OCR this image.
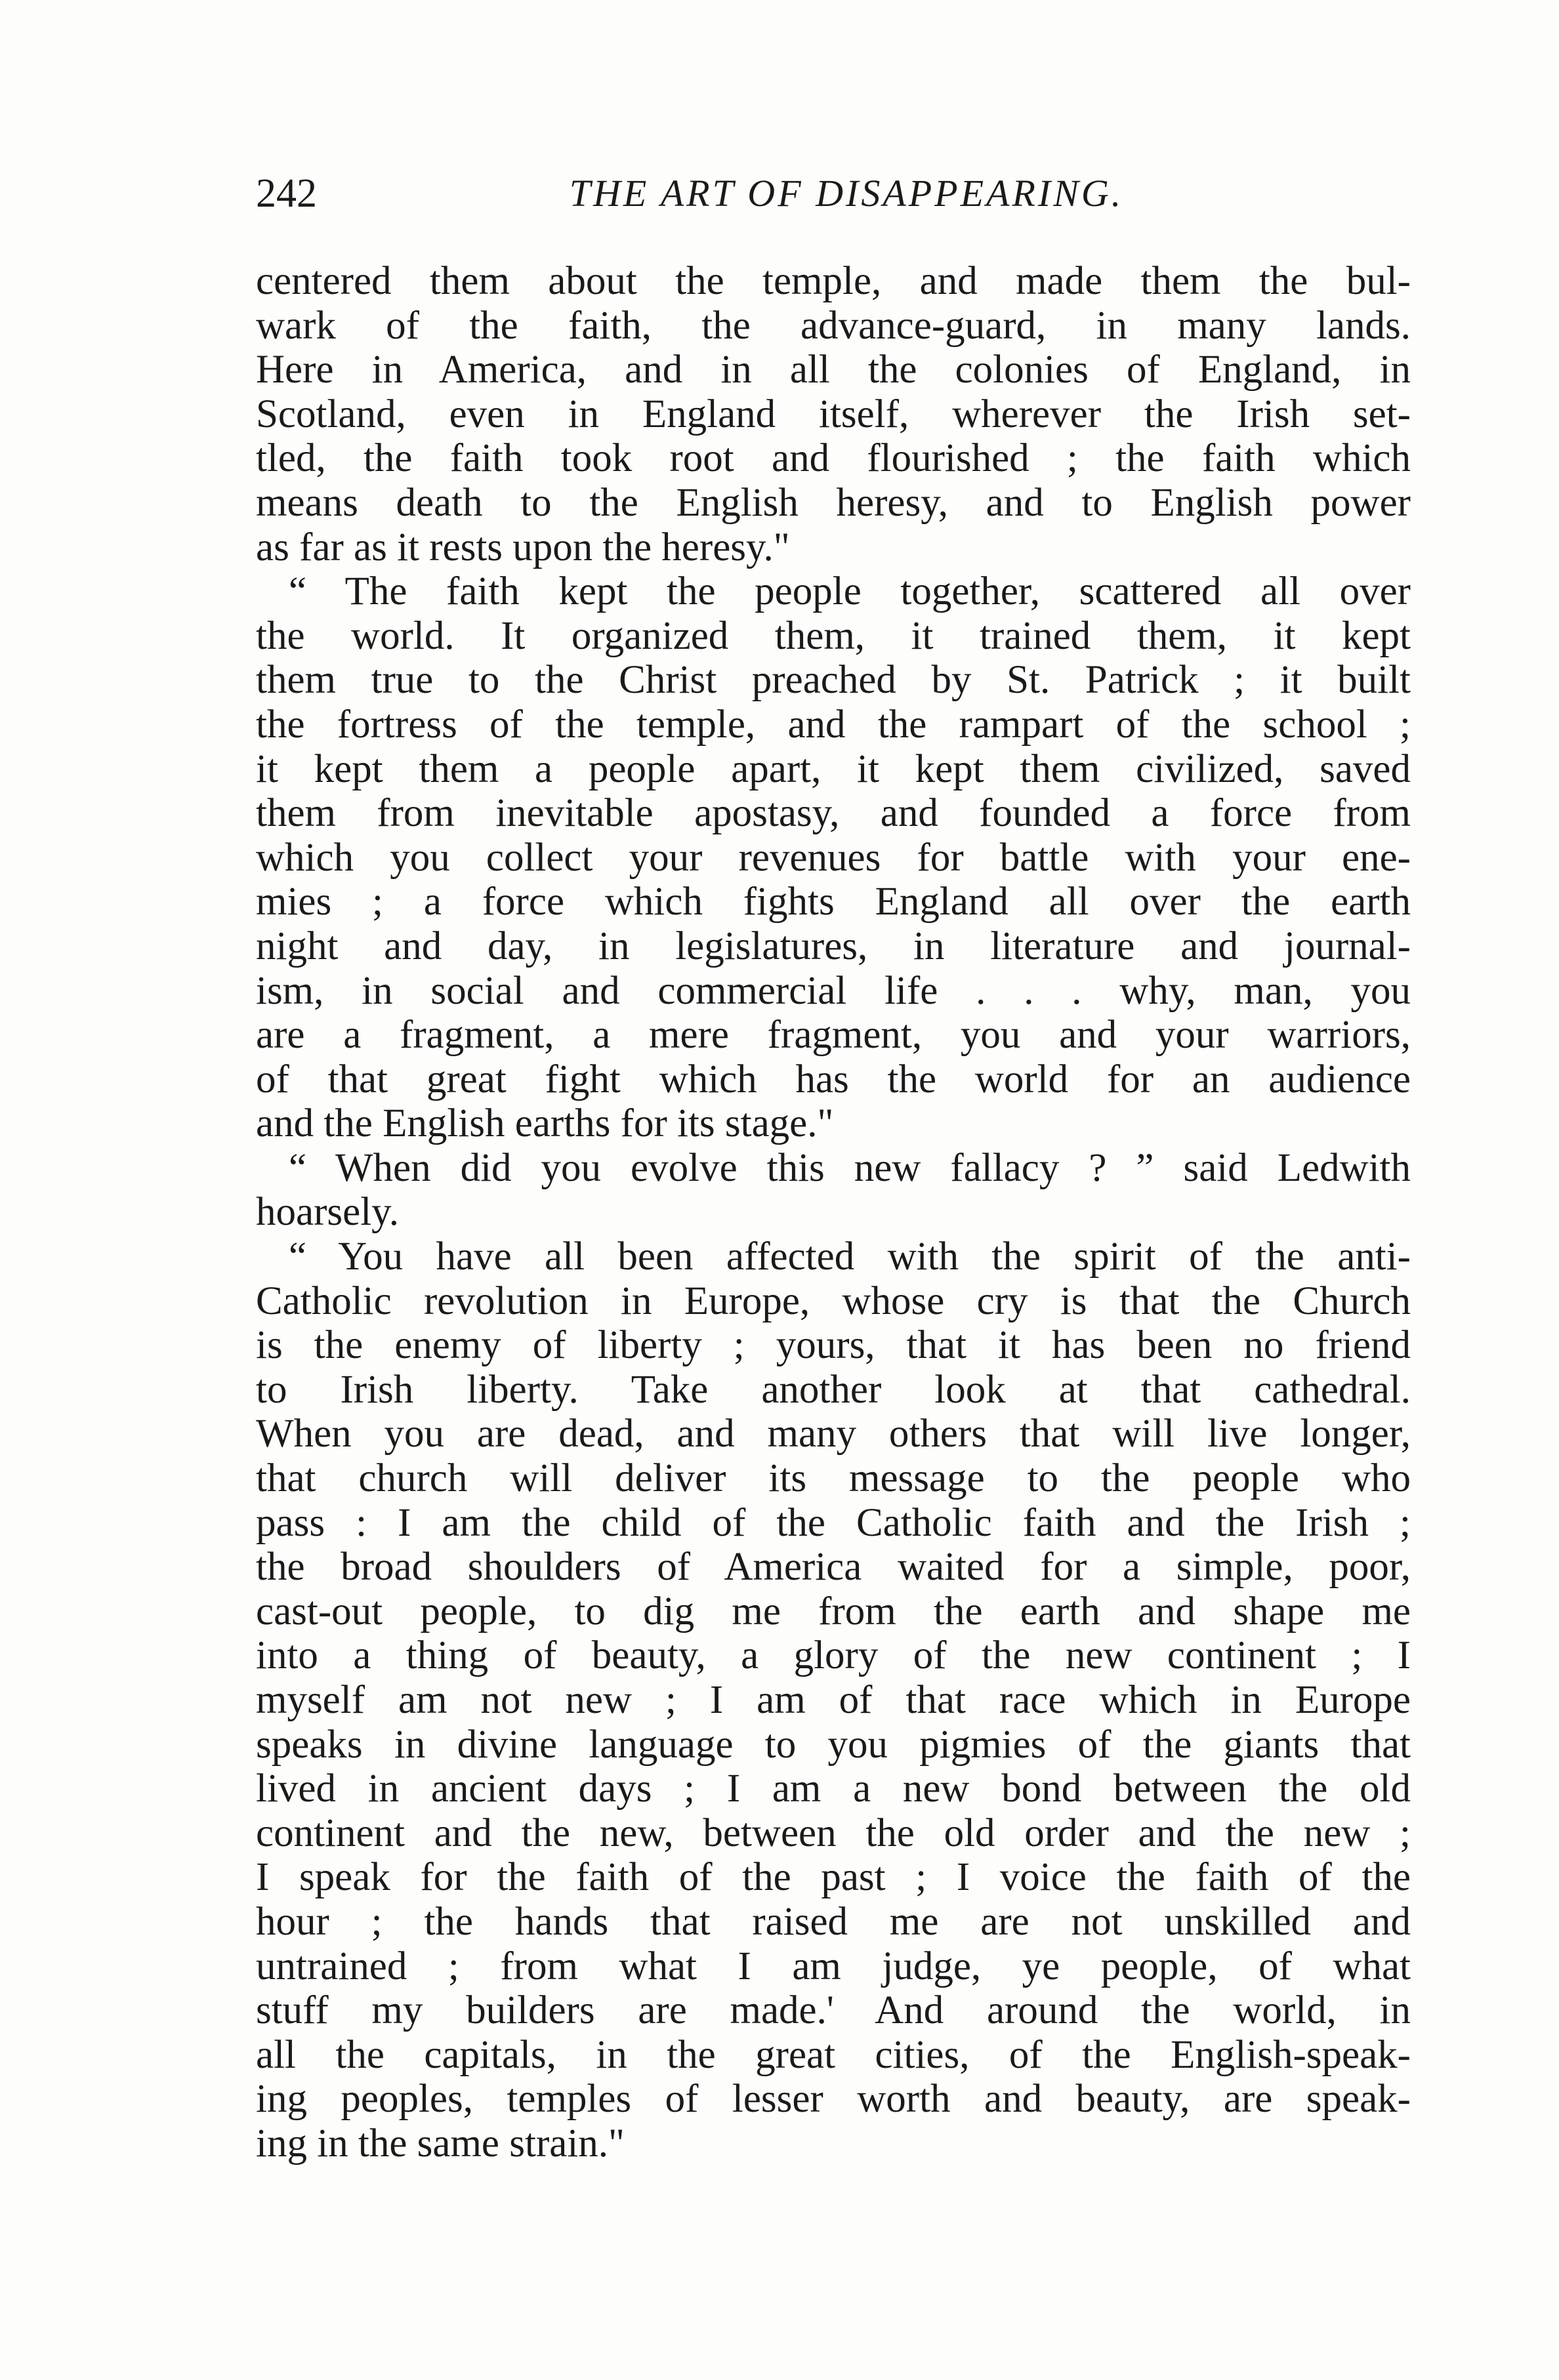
242	THE ART OF DISAPPEARING.
centered them about the temple, and made them the bul-
wark of the faith, the advance-guard, in many lands.
Here in America, and in all the colonies of England, in
Scotland, even in England itself, wherever the Irish set-
tled, the faith took root and flourished ; the faith which
means death to the English heresy, and to English power
as far as it rests upon the heresy."
“ The faith kept the people together, scattered all over
the world. It organized them, it trained them, it kept
them true to the Christ preached by St. Patrick ; it built
the fortress of the temple, and the rampart of the school ;
it kept them a people apart, it kept them civilized, saved
them from inevitable apostasy, and founded a force from
which you collect your revenues for battle with your ene-
mies ; a force which fights England all over the earth
night and day, in legislatures, in literature and journal-
ism, in social and commercial life . . . why, man, you
are a fragment, a mere fragment, you and your warriors,
of that great fight which has the world for an audience
and the English earths for its stage."
“ When did you evolve this new fallacy ? ” said Ledwith
hoarsely.
“ You have all been affected with the spirit of the anti-
Catholic revolution in Europe, whose cry is that the Church
is the enemy of liberty ; yours, that it has been no friend
to Irish liberty. Take another look at that cathedral.
When you are dead, and many others that will live longer,
that church will deliver its message to the people who
pass : I am the child of the Catholic faith and the Irish ;
the broad shoulders of America waited for a simple, poor,
cast-out people, to dig me from the earth and shape me
into a thing of beauty, a glory of the new continent ; I
myself am not new ; I am of that race which in Europe
speaks in divine language to you pigmies of the giants that
lived in ancient days ; I am a new bond between the old
continent and the new, between the old order and the new ;
I speak for the faith of the past ; I voice the faith of the
hour ; the hands that raised me are not unskilled and
untrained ; from what I am judge, ye people, of what
stuff my builders are made.' And around the world, in
all the capitals, in the great cities, of the English-speak-
ing peoples, temples of lesser worth and beauty, are speak-
ing in the same strain."
